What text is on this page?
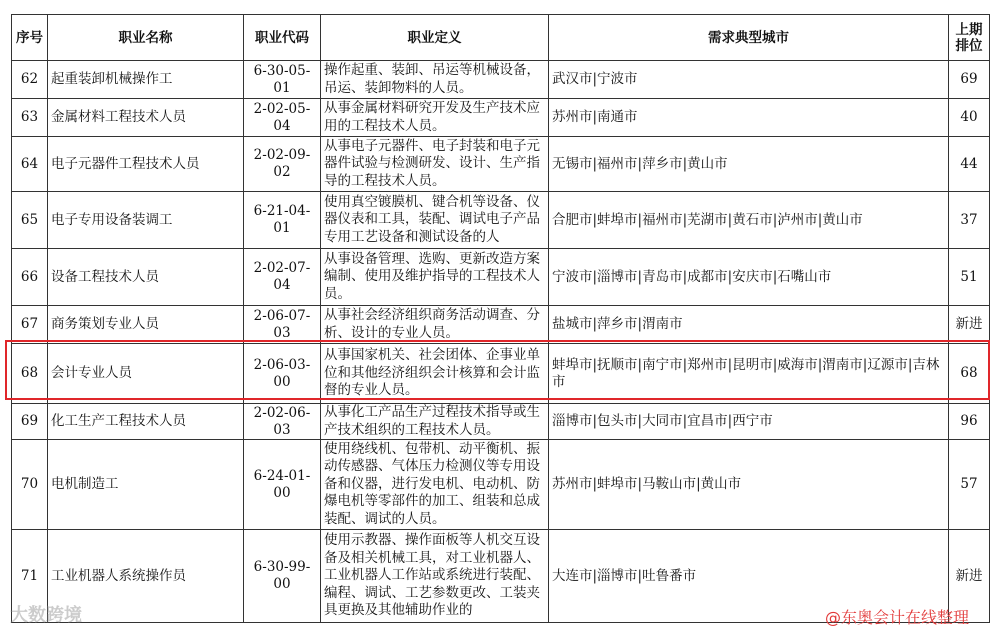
序号	职业名称	职业代码	职业定义	需求典型城市	上期排位
62	起重装卸机械操作工	6-30-05-01	操作起重、装卸、吊运等机械设备，吊运、装卸物料的人员。	武汉市|宁波市	69
63	金属材料工程技术人员	2-02-05-04	从事金属材料研究开发及生产技术应用的工程技术人员。	苏州市|南通市	40
64	电子元器件工程技术人员	2-02-09-02	从事电子元器件、电子封装和电子元器件试验与检测研发、设计、生产指导的工程技术人员。	无锡市|福州市|萍乡市|黄山市	44
65	电子专用设备装调工	6-21-04-01	使用真空镀膜机、键合机等设备、仪器仪表和工具，装配、调试电子产品专用工艺设备和测试设备的人	合肥市|蚌埠市|福州市|芜湖市|黄石市|泸州市|黄山市	37
66	设备工程技术人员	2-02-07-04	从事设备管理、选购、更新改造方案编制、使用及维护指导的工程技术人员。	宁波市|淄博市|青岛市|成都市|安庆市|石嘴山市	51
67	商务策划专业人员	2-06-07-03	从事社会经济组织商务活动调查、分析、设计的专业人员。	盐城市|萍乡市|渭南市	新进
68	会计专业人员	2-06-03-00	从事国家机关、社会团体、企事业单位和其他经济组织会计核算和会计监督的专业人员。	蚌埠市|抚顺市|南宁市|郑州市|昆明市|威海市|渭南市|辽源市|吉林市	68
69	化工生产工程技术人员	2-02-06-03	从事化工产品生产过程技术指导或生产技术组织的工程技术人员。	淄博市|包头市|大同市|宜昌市|西宁市	96
70	电机制造工	6-24-01-00	使用绕线机、包带机、动平衡机、振动传感器、气体压力检测仪等专用设备和仪器，进行发电机、电动机、防爆电机等零部件的加工、组装和总成装配、调试的人员。	苏州市|蚌埠市|马鞍山市|黄山市	57
71	工业机器人系统操作员	6-30-99-00	使用示教器、操作面板等人机交互设备及相关机械工具，对工业机器人、工业机器人工作站或系统进行装配、编程、调试、工艺参数更改、工装夹具更换及其他辅助作业的	大连市|淄博市|吐鲁番市	新进
大数跨境	@东奥会计在线整理
